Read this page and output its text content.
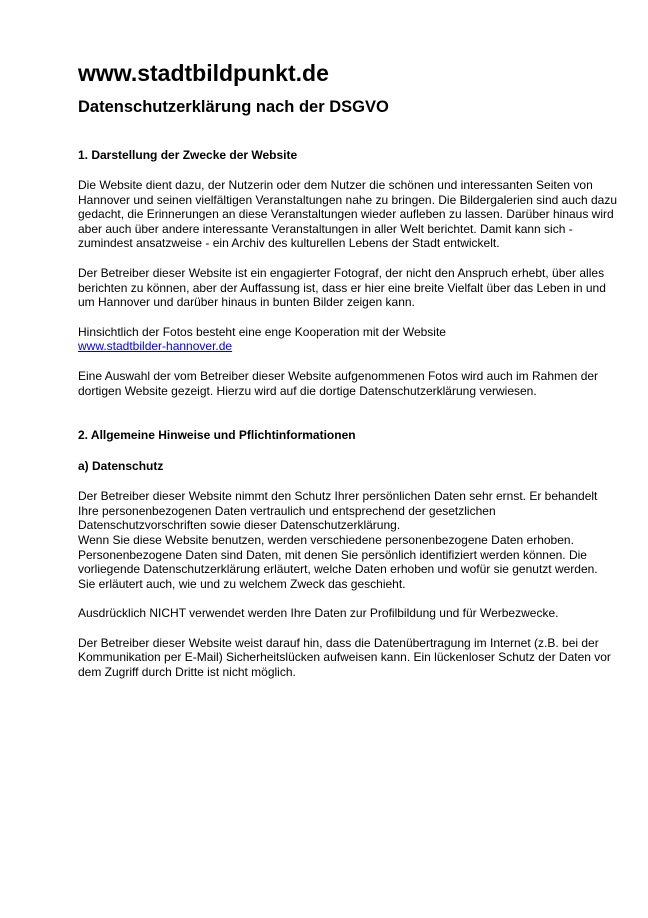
www.stadtbildpunkt.de
Datenschutzerklärung nach der DSGVO
1. Darstellung der Zwecke der Website

Die Website dient dazu, der Nutzerin oder dem Nutzer die schönen und interessanten Seiten von Hannover und seinen vielfältigen Veranstaltungen nahe zu bringen. Die Bildergalerien sind auch dazu gedacht, die Erinnerungen an diese Veranstaltungen wieder aufleben zu lassen. Darüber hinaus wird aber auch über andere interessante Veranstaltungen in aller Welt berichtet. Damit kann sich - zumindest ansatzweise - ein Archiv des kulturellen Lebens der Stadt entwickelt.

Der Betreiber dieser Website ist ein engagierter Fotograf, der nicht den Anspruch erhebt, über alles berichten zu können, aber der Auffassung ist, dass er hier eine breite Vielfalt über das Leben in und um Hannover und darüber hinaus in bunten Bilder zeigen kann.

Hinsichtlich der Fotos besteht eine enge Kooperation mit der Website
www.stadtbilder-hannover.de

Eine Auswahl der vom Betreiber dieser Website aufgenommenen Fotos wird auch im Rahmen der dortigen Website gezeigt. Hierzu wird auf die dortige Datenschutzerklärung verwiesen.

2. Allgemeine Hinweise und Pflichtinformationen
a) Datenschutz

Der Betreiber dieser Website nimmt den Schutz Ihrer persönlichen Daten sehr ernst. Er behandelt Ihre personenbezogenen Daten vertraulich und entsprechend der gesetzlichen Datenschutzvorschriften sowie dieser Datenschutzerklärung.

Wenn Sie diese Website benutzen, werden verschiedene personenbezogene Daten erhoben. Personenbezogene Daten sind Daten, mit denen Sie persönlich identifiziert werden können. Die vorliegende Datenschutzerklärung erläutert, welche Daten erhoben und wofür sie genutzt werden. Sie erläutert auch, wie und zu welchem Zweck das geschieht.

Ausdrücklich NICHT verwendet werden Ihre Daten zur Profilbildung und für Werbezwecke.

Der Betreiber dieser Website weist darauf hin, dass die Datenübertragung im Internet (z.B. bei der Kommunikation per E-Mail) Sicherheitslücken aufweisen kann. Ein lückenloser Schutz der Daten vor dem Zugriff durch Dritte ist nicht möglich.
